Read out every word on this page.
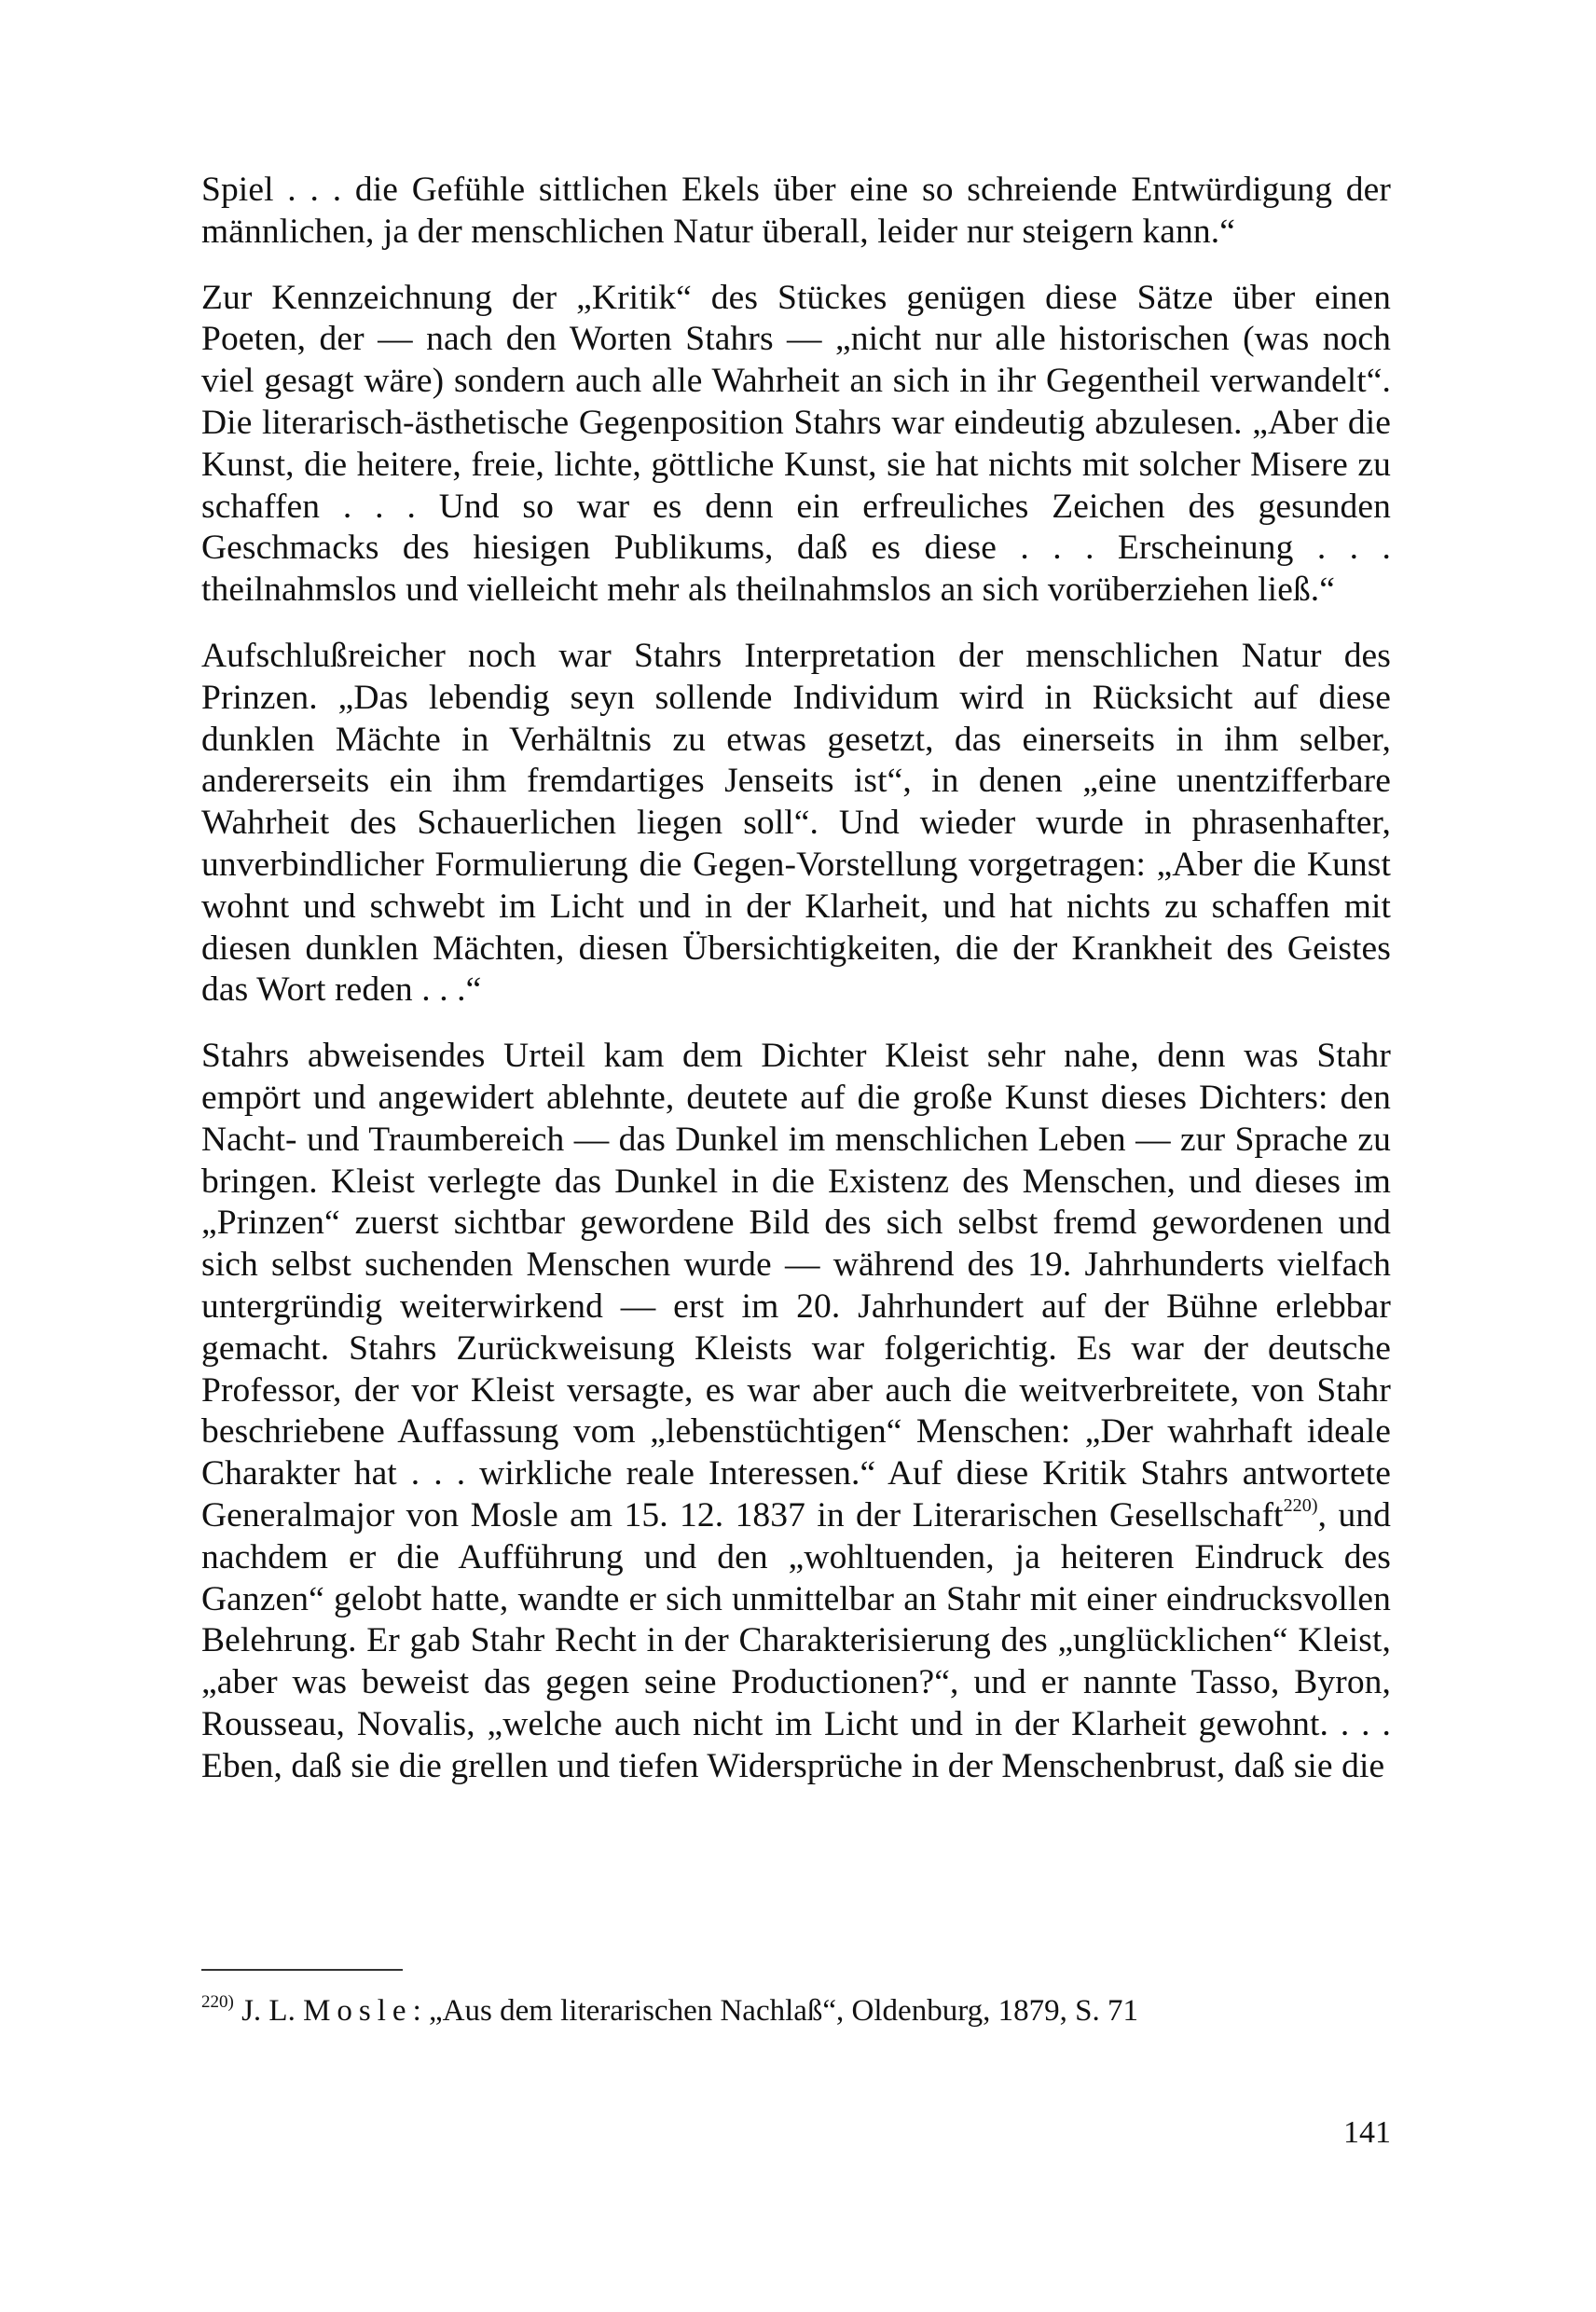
Spiel . . . die Gefühle sittlichen Ekels über eine so schreiende Entwürdigung der männlichen, ja der menschlichen Natur überall, leider nur steigern kann.“

Zur Kennzeichnung der „Kritik“ des Stückes genügen diese Sätze über einen Poeten, der — nach den Worten Stahrs — „nicht nur alle historischen (was noch viel gesagt wäre) sondern auch alle Wahrheit an sich in ihr Gegentheil verwandelt“. Die literarisch-ästhetische Gegenposition Stahrs war eindeutig abzulesen. „Aber die Kunst, die heitere, freie, lichte, göttliche Kunst, sie hat nichts mit solcher Misere zu schaffen . . . Und so war es denn ein erfreuliches Zeichen des gesunden Geschmacks des hiesigen Publikums, daß es diese . . . Erscheinung . . . theilnahmslos und vielleicht mehr als theilnahmslos an sich vorüberziehen ließ.“

Aufschlußreicher noch war Stahrs Interpretation der menschlichen Natur des Prinzen. „Das lebendig seyn sollende Individum wird in Rücksicht auf diese dunklen Mächte in Verhältnis zu etwas gesetzt, das einerseits in ihm selber, andererseits ein ihm fremdartiges Jenseits ist“, in denen „eine unentzifferbare Wahrheit des Schauerlichen liegen soll“. Und wieder wurde in phrasenhafter, unverbindlicher Formulierung die Gegen-Vorstellung vorgetragen: „Aber die Kunst wohnt und schwebt im Licht und in der Klarheit, und hat nichts zu schaffen mit diesen dunklen Mächten, diesen Übersichtigkeiten, die der Krankheit des Geistes das Wort reden . . .“

Stahrs abweisendes Urteil kam dem Dichter Kleist sehr nahe, denn was Stahr empört und angewidert ablehnte, deutete auf die große Kunst dieses Dichters: den Nacht- und Traumbereich — das Dunkel im menschlichen Leben — zur Sprache zu bringen. Kleist verlegte das Dunkel in die Existenz des Menschen, und dieses im „Prinzen“ zuerst sichtbar gewordene Bild des sich selbst fremd gewordenen und sich selbst suchenden Menschen wurde — während des 19. Jahrhunderts vielfach untergründig weiterwirkend — erst im 20. Jahrhundert auf der Bühne erlebbar gemacht. Stahrs Zurückweisung Kleists war folgerichtig. Es war der deutsche Professor, der vor Kleist versagte, es war aber auch die weitverbreitete, von Stahr beschriebene Auffassung vom „lebenstüchtigen“ Menschen: „Der wahrhaft ideale Charakter hat . . . wirkliche reale Interessen.“ Auf diese Kritik Stahrs antwortete Generalmajor von Mosle am 15. 12. 1837 in der Literarischen Gesellschaft$^{220)}$, und nachdem er die Aufführung und den „wohltuenden, ja heiteren Eindruck des Ganzen“ gelobt hatte, wandte er sich unmittelbar an Stahr mit einer eindrucksvollen Belehrung. Er gab Stahr Recht in der Charakterisierung des „unglücklichen“ Kleist, „aber was beweist das gegen seine Productionen?“, und er nannte Tasso, Byron, Rousseau, Novalis, „welche auch nicht im Licht und in der Klarheit gewohnt. . . . Eben, daß sie die grellen und tiefen Widersprüche in der Menschenbrust, daß sie die

$^{220)}$ J. L. Mosle: „Aus dem literarischen Nachlaß“, Oldenburg, 1879, S. 71
141
